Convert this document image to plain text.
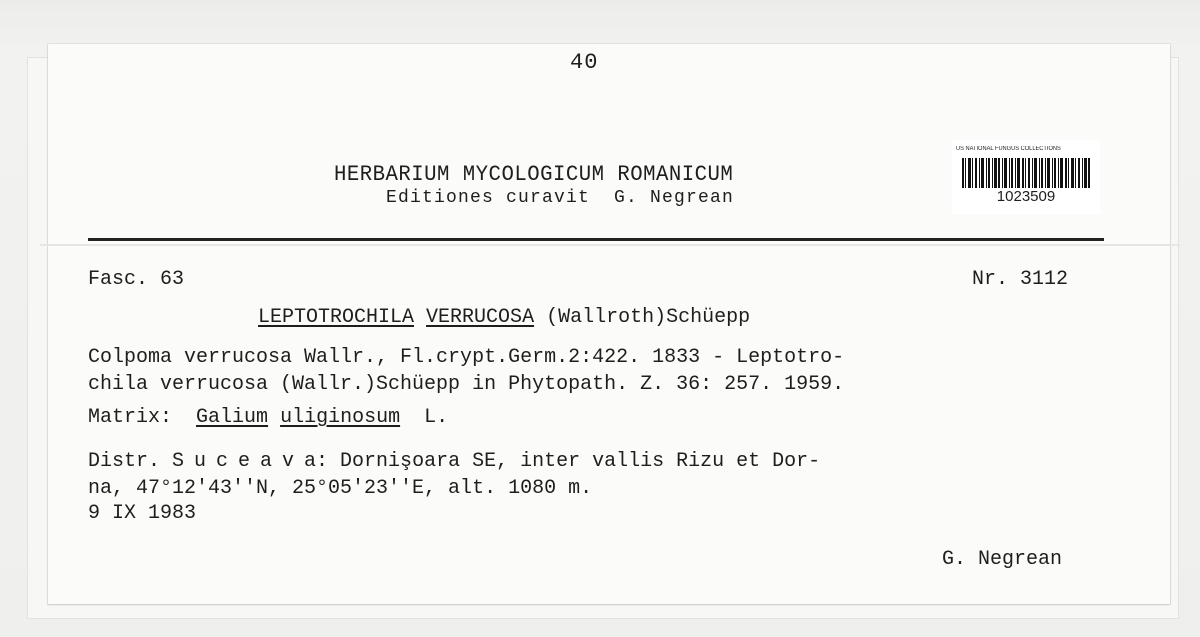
40
HERBARIUM MYCOLOGICUM ROMANICUM
Editiones curavit  G. Negrean
US NATIONAL FUNGUS COLLECTIONS
1023509
Fasc. 63	Nr. 3112
LEPTOTROCHILA VERRUCOSA (Wallroth)Schüepp
Colpoma verrucosa Wallr., Fl.crypt.Germ.2:422. 1833 - Leptotro-
chila verrucosa (Wallr.)Schüepp in Phytopath. Z. 36: 257. 1959.
Matrix: Galium uliginosum L.
Distr. Suceava: Dornişoara SE, inter vallis Rizu et Dor-
na, 47°12'43''N, 25°05'23''E, alt. 1080 m.
9 IX 1983
G. Negrean
